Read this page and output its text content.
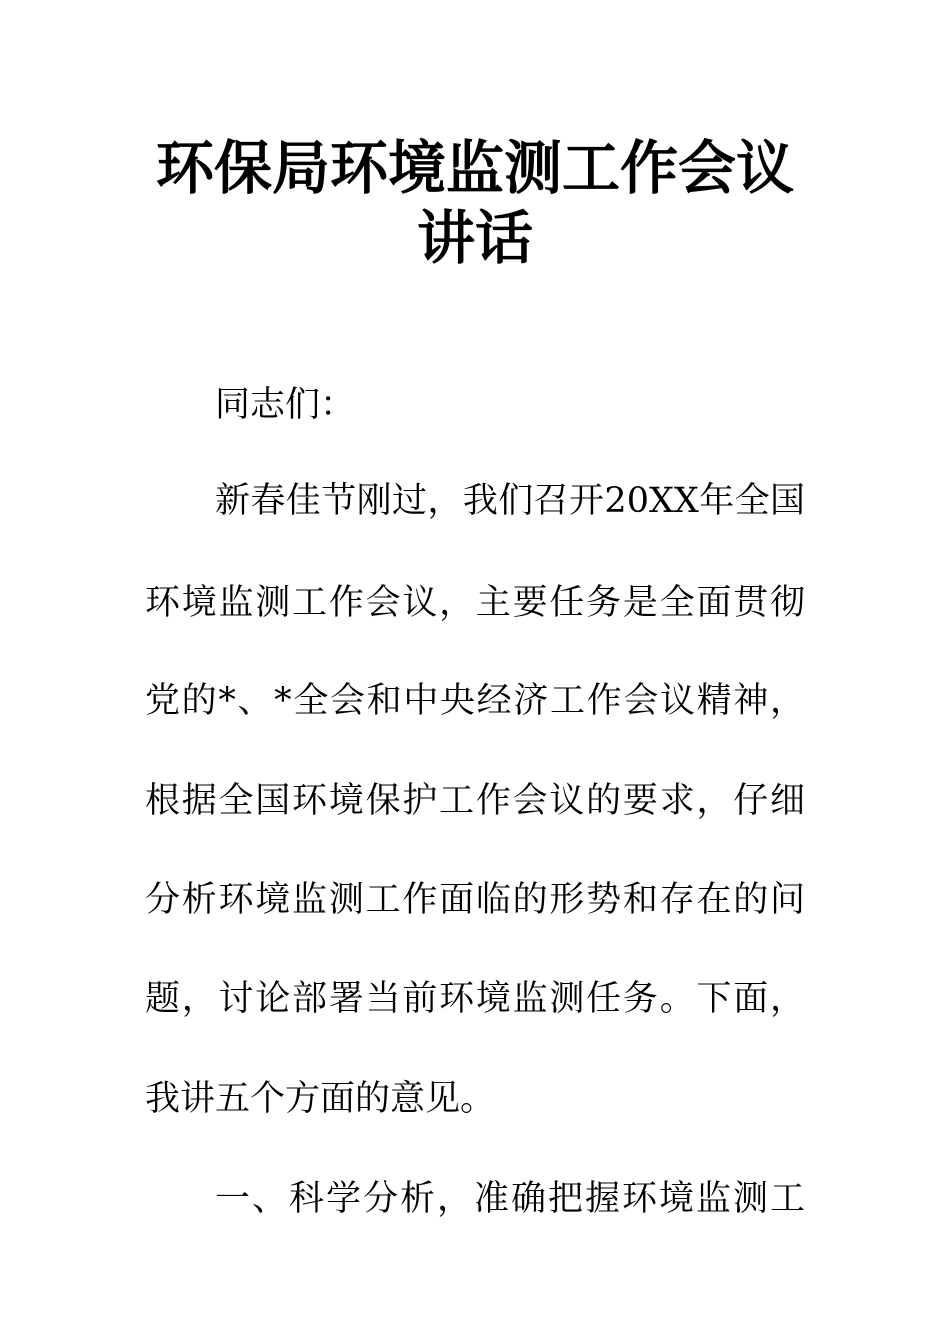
环保局环境监测工作会议
讲话

同志们：

新春佳节刚过，我们召开20XX年全国

环境监测工作会议，主要任务是全面贯彻

党的*、*全会和中央经济工作会议精神，

根据全国环境保护工作会议的要求，仔细

分析环境监测工作面临的形势和存在的问

题，讨论部署当前环境监测任务。下面，

我讲五个方面的意见。

一、科学分析，准确把握环境监测工
